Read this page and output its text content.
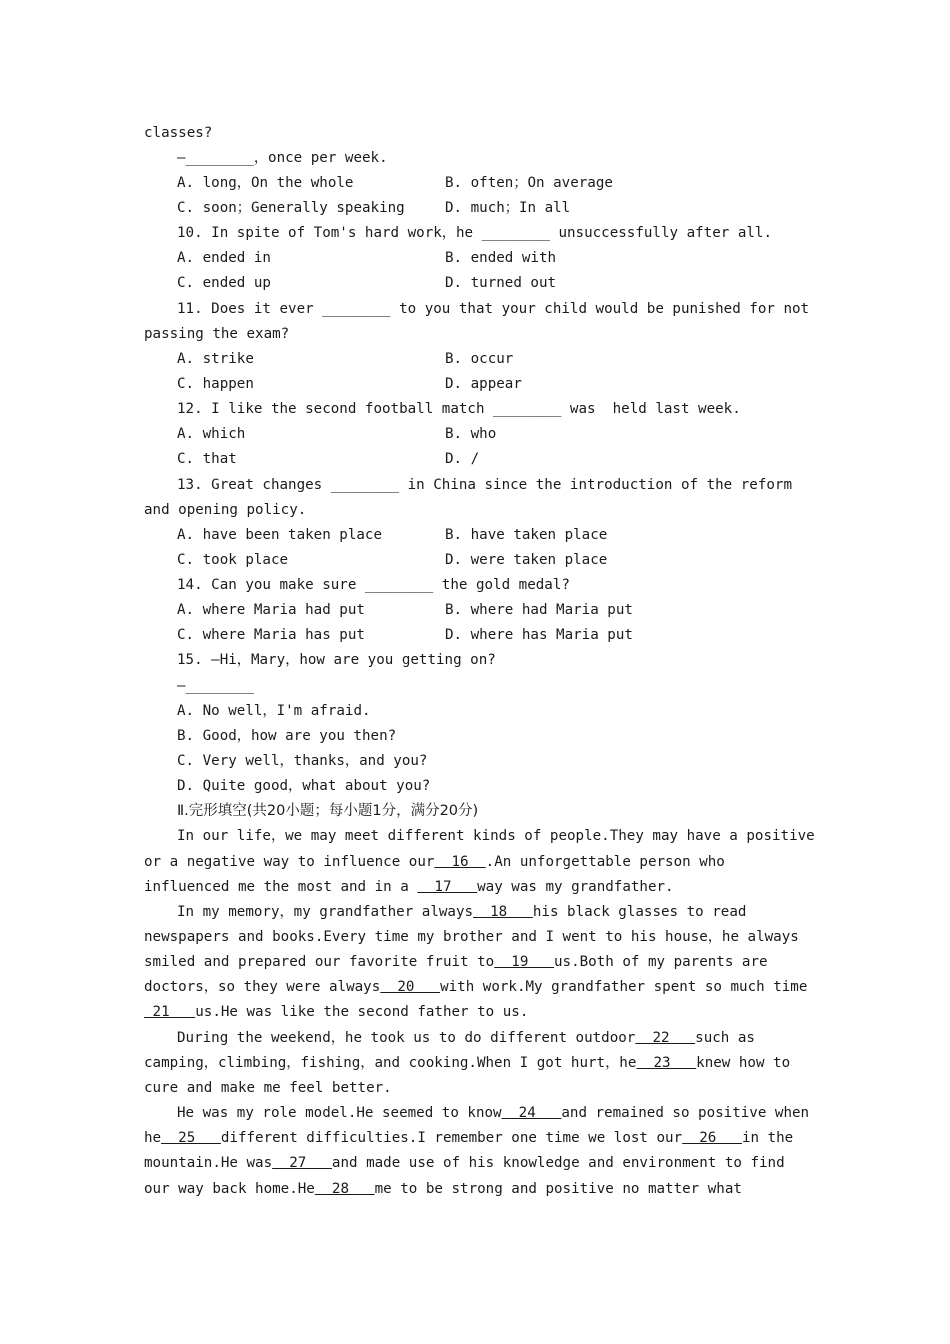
classes?
—________，once per week.
A. long，On the whole	B. often；On average
C. soon；Generally speaking	D. much；In all
10. In spite of Tom's hard work，he ________ unsuccessfully after all.
A. ended in	B. ended with
C. ended up	D. turned out
11. Does it ever ________ to you that your child would be punished for not
passing the exam?
A. strike	B. occur
C. happen	D. appear
12. I like the second football match ________ was  held last week.
A. which	B. who
C. that	D. /
13. Great changes ________ in China since the introduction of the reform
and opening policy.
A. have been taken place	B. have taken place
C. took place	D. were taken place
14. Can you make sure ________ the gold medal?
A. where Maria had put	B. where had Maria put
C. where Maria has put	D. where has Maria put
15. —Hi，Mary，how are you getting on?
—________
A. No well，I'm afraid.
B. Good，how are you then?
C. Very well，thanks，and you?
D. Quite good，what about you?
Ⅱ.完形填空(共20小题；每小题1分，满分20分)
In our life，we may meet different kinds of people.They may have a positive
or a negative way to influence our  16  .An unforgettable person who
influenced me the most and in a   17   way was my grandfather.
In my memory，my grandfather always  18   his black glasses to read
newspapers and books.Every time my brother and I went to his house，he always
smiled and prepared our favorite fruit to  19   us.Both of my parents are
doctors，so they were always  20   with work.My grandfather spent so much time
21   us.He was like the second father to us.
During the weekend，he took us to do different outdoor  22   such as
camping，climbing，fishing，and cooking.When I got hurt，he  23   knew how to
cure and make me feel better.
He was my role model.He seemed to know  24   and remained so positive when
he  25   different difficulties.I remember one time we lost our  26   in the
mountain.He was  27   and made use of his knowledge and environment to find
our way back home.He  28   me to be strong and positive no matter what
